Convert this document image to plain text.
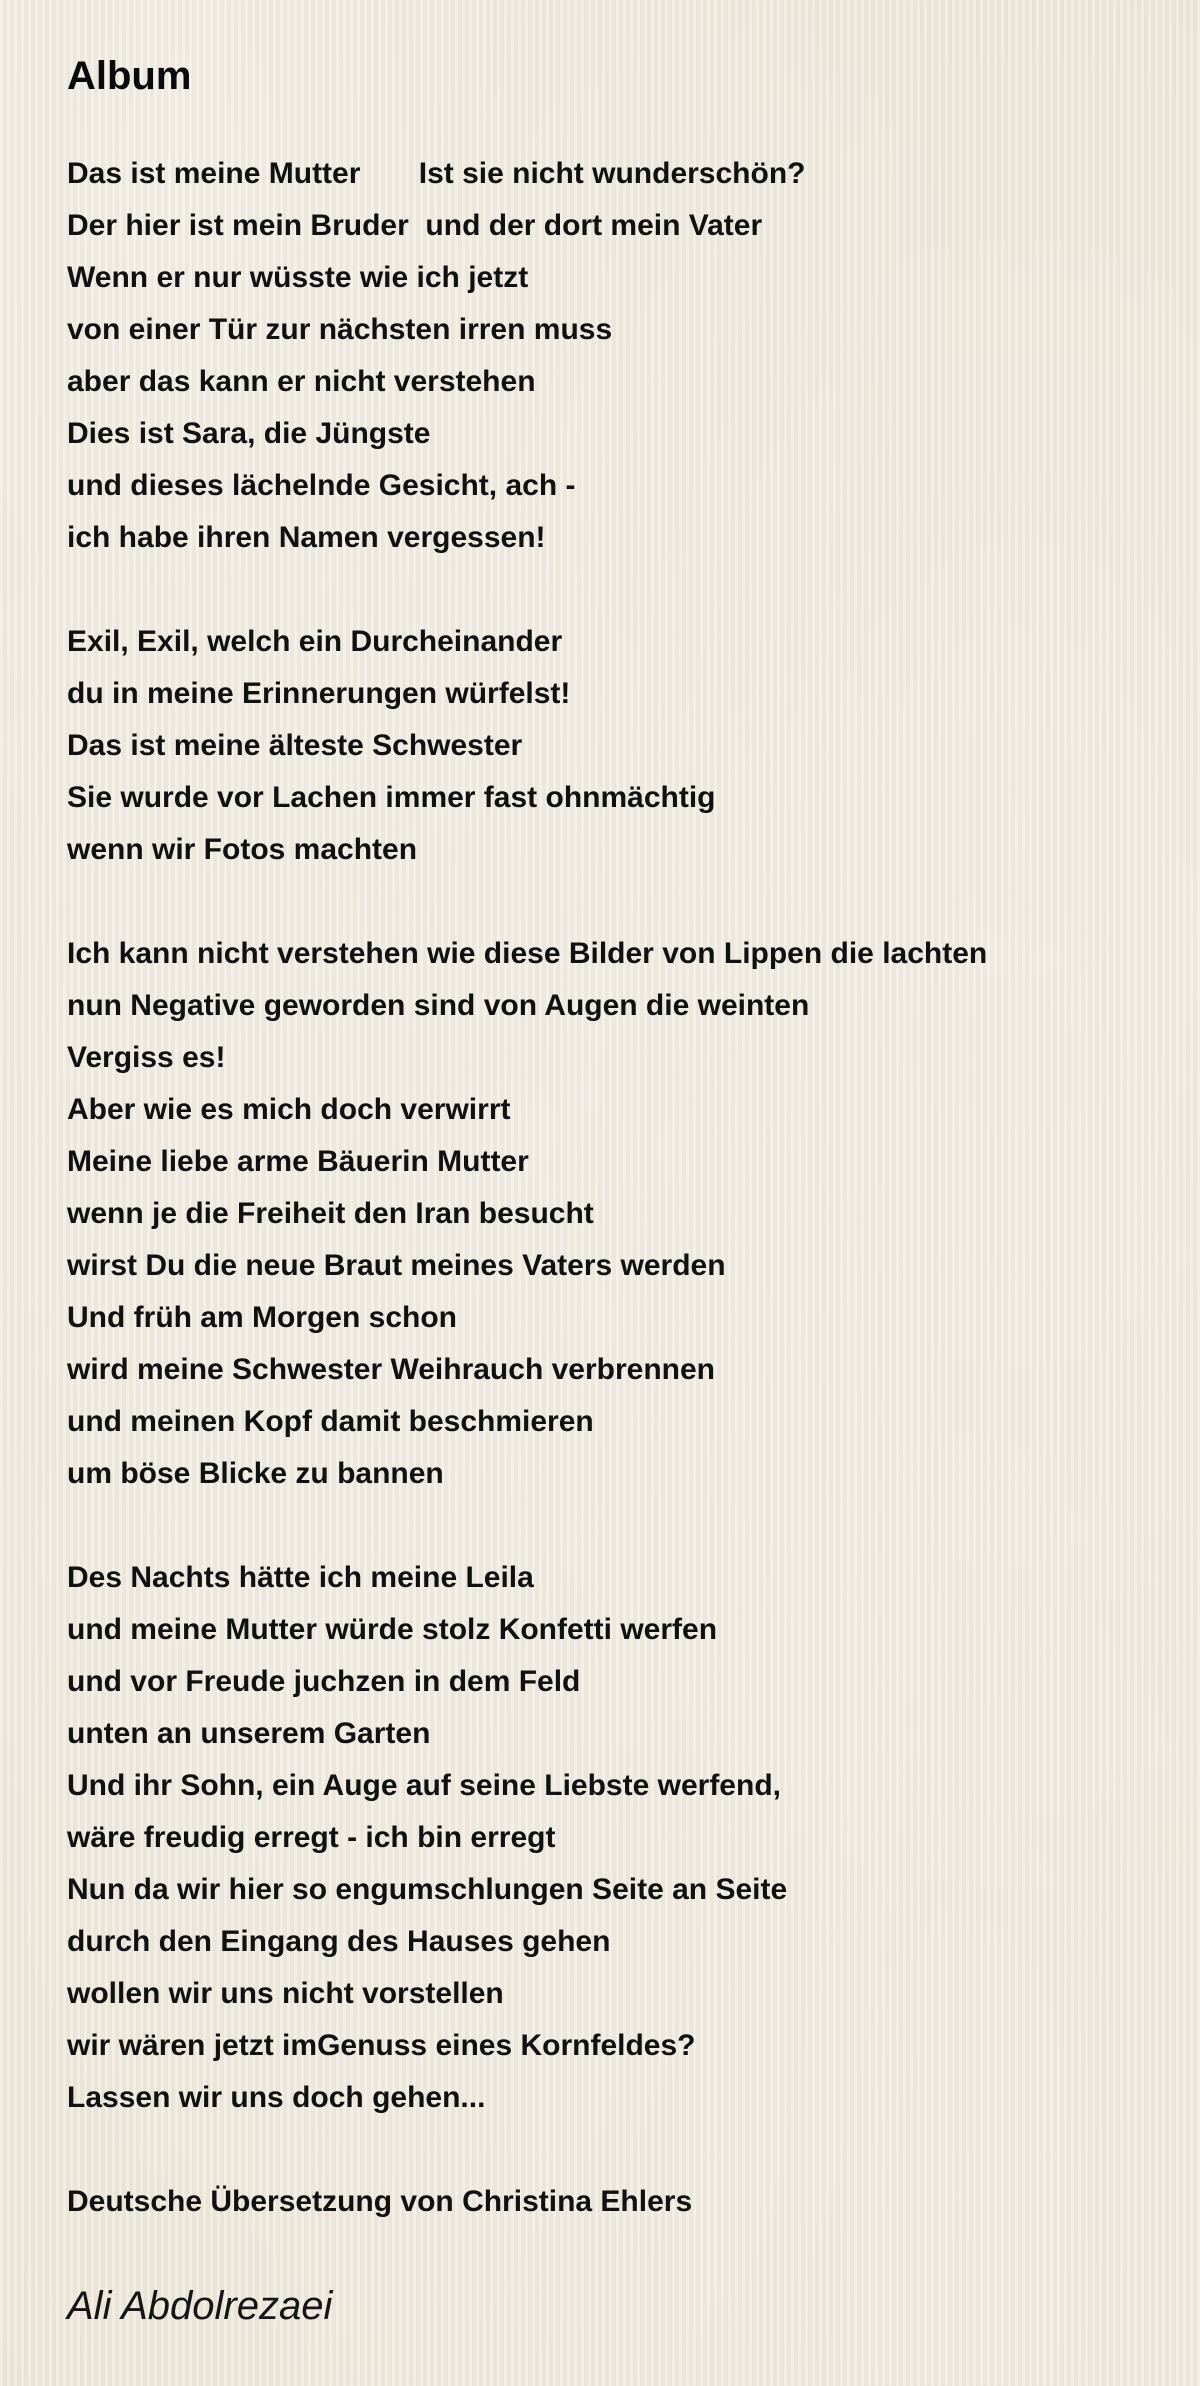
Album
Das ist meine Mutter       Ist sie nicht wunderschön?
Der hier ist mein Bruder  und der dort mein Vater
Wenn er nur wüsste wie ich jetzt
von einer Tür zur nächsten irren muss
aber das kann er nicht verstehen
Dies ist Sara, die Jüngste
und dieses lächelnde Gesicht, ach -
ich habe ihren Namen vergessen!
Exil, Exil, welch ein Durcheinander
du in meine Erinnerungen würfelst!
Das ist meine älteste Schwester
Sie wurde vor Lachen immer fast ohnmächtig
wenn wir Fotos machten
Ich kann nicht verstehen wie diese Bilder von Lippen die lachten
nun Negative geworden sind von Augen die weinten
Vergiss es!
Aber wie es mich doch verwirrt
Meine liebe arme Bäuerin Mutter
wenn je die Freiheit den Iran besucht
wirst Du die neue Braut meines Vaters werden
Und früh am Morgen schon
wird meine Schwester Weihrauch verbrennen
und meinen Kopf damit beschmieren
um böse Blicke zu bannen
Des Nachts hätte ich meine Leila
und meine Mutter würde stolz Konfetti werfen
und vor Freude juchzen in dem Feld
unten an unserem Garten
Und ihr Sohn, ein Auge auf seine Liebste werfend,
wäre freudig erregt - ich bin erregt
Nun da wir hier so engumschlungen Seite an Seite
durch den Eingang des Hauses gehen
wollen wir uns nicht vorstellen
wir wären jetzt imGenuss eines Kornfeldes?
Lassen wir uns doch gehen...
Deutsche Übersetzung von Christina Ehlers
Ali Abdolrezaei
